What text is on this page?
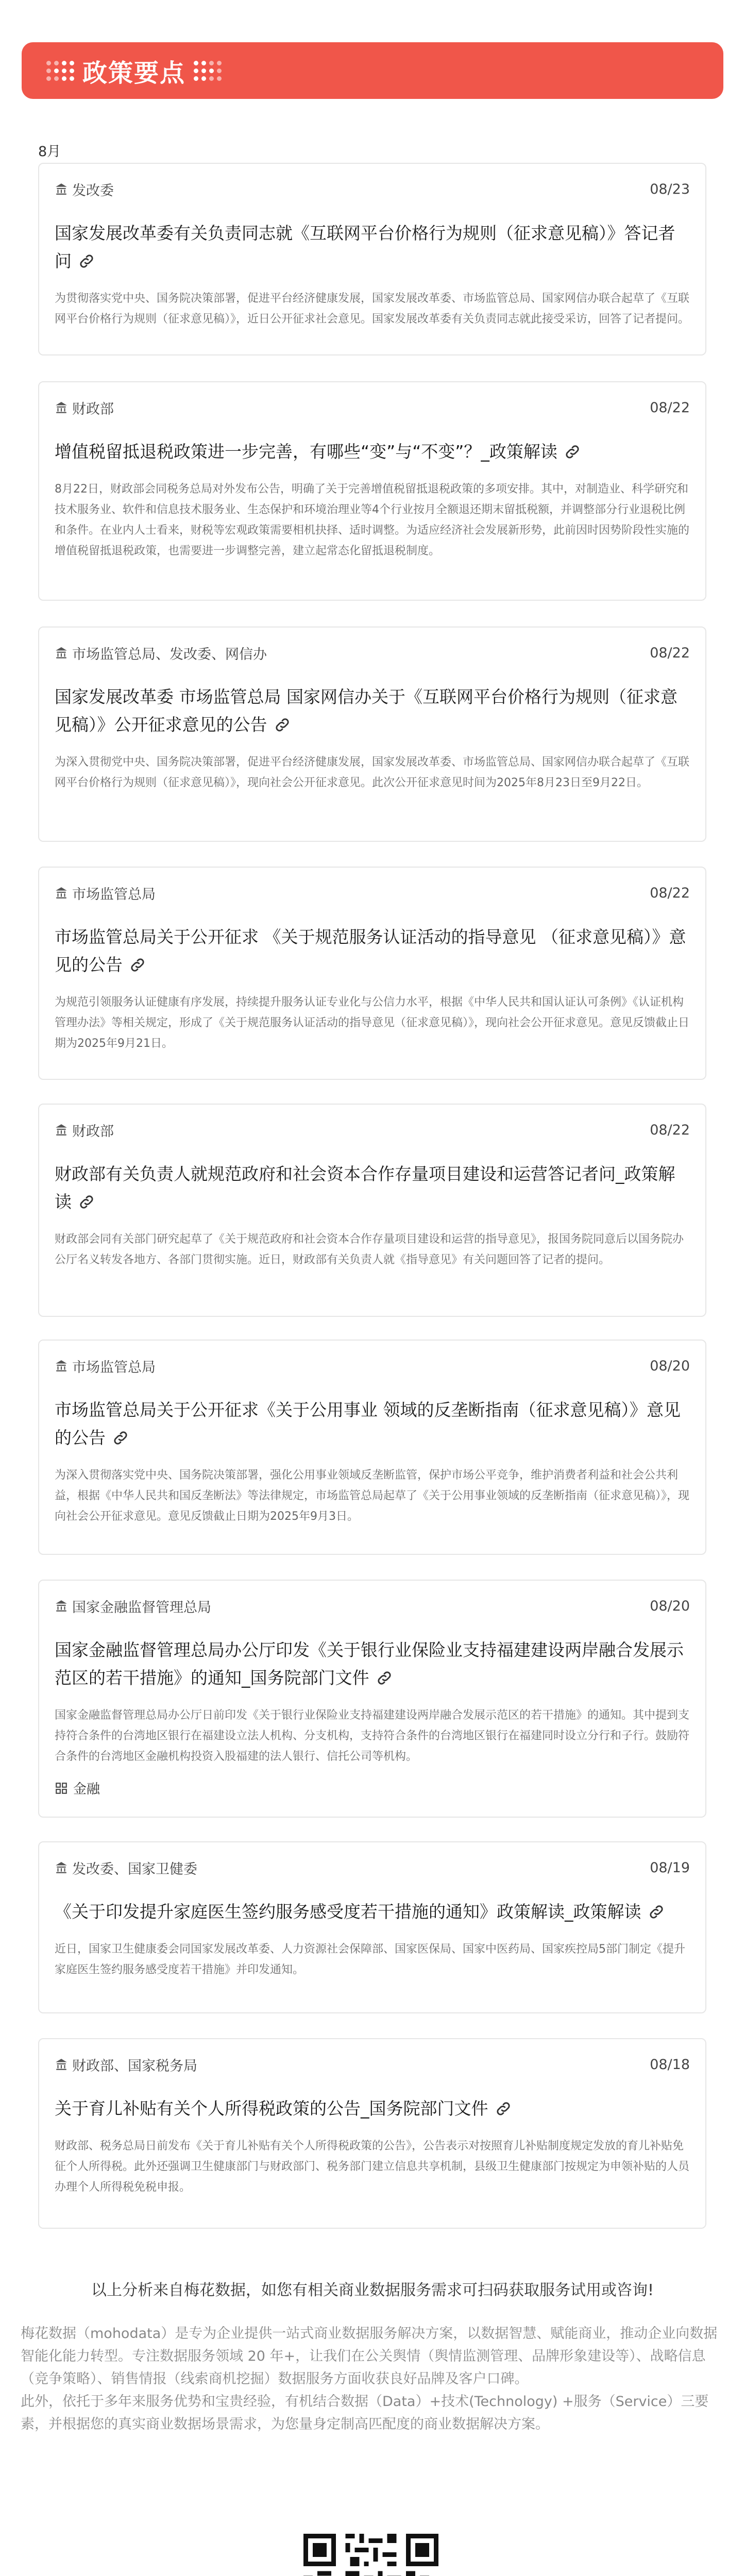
政策要点
8月
发改委	08/23
国家发展改革委有关负责同志就《互联网平台价格行为规则（征求意见稿）》答记者问
为贯彻落实党中央、国务院决策部署，促进平台经济健康发展，国家发展改革委、市场监管总局、国家网信办联合起草了《互联网平台价格行为规则（征求意见稿）》，近日公开征求社会意见。国家发展改革委有关负责同志就此接受采访，回答了记者提问。
财政部	08/22
增值税留抵退税政策进一步完善，有哪些“变”与“不变”？_政策解读
8月22日，财政部会同税务总局对外发布公告，明确了关于完善增值税留抵退税政策的多项安排。其中，对制造业、科学研究和技术服务业、软件和信息技术服务业、生态保护和环境治理业等4个行业按月全额退还期末留抵税额，并调整部分行业退税比例和条件。在业内人士看来，财税等宏观政策需要相机抉择、适时调整。为适应经济社会发展新形势，此前因时因势阶段性实施的增值税留抵退税政策，也需要进一步调整完善，建立起常态化留抵退税制度。
市场监管总局、发改委、网信办	08/22
国家发展改革委 市场监管总局 国家网信办关于《互联网平台价格行为规则（征求意见稿）》公开征求意见的公告
为深入贯彻党中央、国务院决策部署，促进平台经济健康发展，国家发展改革委、市场监管总局、国家网信办联合起草了《互联网平台价格行为规则（征求意见稿）》，现向社会公开征求意见。此次公开征求意见时间为2025年8月23日至9月22日。
市场监管总局	08/22
市场监管总局关于公开征求 《关于规范服务认证活动的指导意见 （征求意见稿）》意见的公告
为规范引领服务认证健康有序发展，持续提升服务认证专业化与公信力水平，根据《中华人民共和国认证认可条例》《认证机构管理办法》等相关规定，形成了《关于规范服务认证活动的指导意见（征求意见稿）》，现向社会公开征求意见。意见反馈截止日期为2025年9月21日。
财政部	08/22
财政部有关负责人就规范政府和社会资本合作存量项目建设和运营答记者问_政策解读
财政部会同有关部门研究起草了《关于规范政府和社会资本合作存量项目建设和运营的指导意见》，报国务院同意后以国务院办公厅名义转发各地方、各部门贯彻实施。近日，财政部有关负责人就《指导意见》有关问题回答了记者的提问。
市场监管总局	08/20
市场监管总局关于公开征求《关于公用事业 领域的反垄断指南（征求意见稿）》意见的公告
为深入贯彻落实党中央、国务院决策部署，强化公用事业领域反垄断监管，保护市场公平竞争，维护消费者利益和社会公共利益，根据《中华人民共和国反垄断法》等法律规定，市场监管总局起草了《关于公用事业领域的反垄断指南（征求意见稿）》，现向社会公开征求意见。意见反馈截止日期为2025年9月3日。
国家金融监督管理总局	08/20
国家金融监督管理总局办公厅印发《关于银行业保险业支持福建建设两岸融合发展示范区的若干措施》的通知_国务院部门文件
国家金融监督管理总局办公厅日前印发《关于银行业保险业支持福建建设两岸融合发展示范区的若干措施》的通知。其中提到支持符合条件的台湾地区银行在福建设立法人机构、分支机构，支持符合条件的台湾地区银行在福建同时设立分行和子行。鼓励符合条件的台湾地区金融机构投资入股福建的法人银行、信托公司等机构。
金融
发改委、国家卫健委	08/19
《关于印发提升家庭医生签约服务感受度若干措施的通知》政策解读_政策解读
近日，国家卫生健康委会同国家发展改革委、人力资源社会保障部、国家医保局、国家中医药局、国家疾控局5部门制定《提升家庭医生签约服务感受度若干措施》并印发通知。
财政部、国家税务局	08/18
关于育儿补贴有关个人所得税政策的公告_国务院部门文件
财政部、税务总局日前发布《关于育儿补贴有关个人所得税政策的公告》，公告表示对按照育儿补贴制度规定发放的育儿补贴免征个人所得税。此外还强调卫生健康部门与财政部门、税务部门建立信息共享机制，县级卫生健康部门按规定为申领补贴的人员办理个人所得税免税申报。
以上分析来自梅花数据，如您有相关商业数据服务需求可扫码获取服务试用或咨询!
梅花数据（mohodata）是专为企业提供一站式商业数据服务解决方案，以数据智慧、赋能商业，推动企业向数据智能化能力转型。专注数据服务领域 20 年+，让我们在公关舆情（舆情监测管理、品牌形象建设等）、战略信息（竞争策略）、销售情报（线索商机挖掘）数据服务方面收获良好品牌及客户口碑。
此外，依托于多年来服务优势和宝贵经验，有机结合数据（Data）+技术(Technology) +服务（Service）三要素，并根据您的真实商业数据场景需求，为您量身定制高匹配度的商业数据解决方案。
